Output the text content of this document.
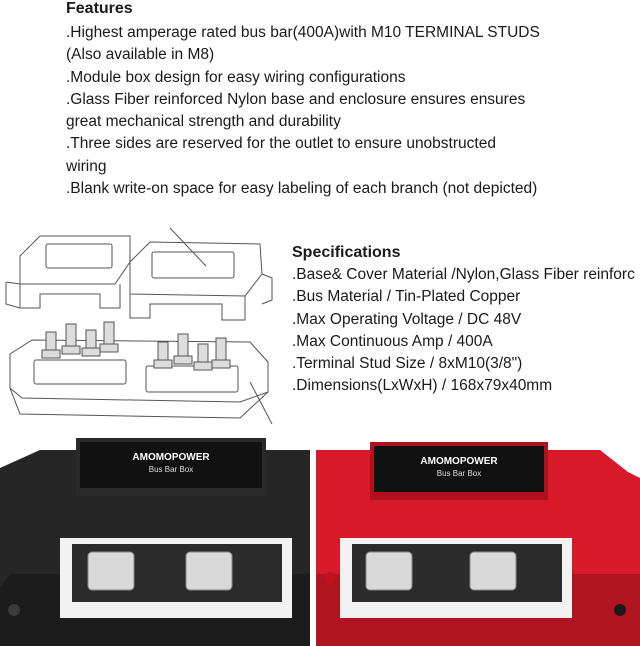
Features
.Highest amperage rated bus bar(400A)with M10 TERMINAL STUDS
(Also available in M8)
.Module box design for easy wiring configurations
.Glass Fiber reinforced Nylon base and enclosure ensures ensures
great mechanical strength and durability
.Three sides are reserved for the outlet to ensure unobstructed
wiring
.Blank write-on space for easy labeling of each branch (not depicted)
Specifications
.Base& Cover Material /Nylon,Glass Fiber reinforc
.Bus Material / Tin-Plated Copper
.Max Operating Voltage / DC 48V
.Max Continuous Amp / 400A
.Terminal Stud Size / 8xM10(3/8")
.Dimensions(LxWxH) / 168x79x40mm
AMOMOPOWER
Bus Bar Box
AMOMOPOWER
Bus Bar Box
